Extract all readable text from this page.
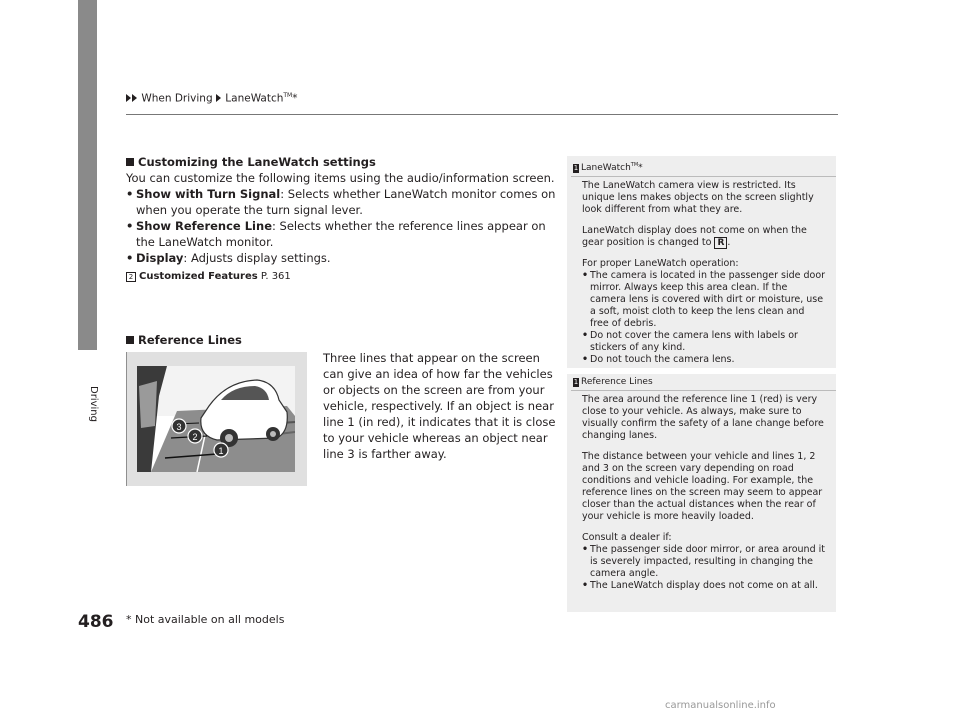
When Driving LaneWatch™*
Driving
Customizing the LaneWatch settings
You can customize the following items using the audio/information screen.
• Show with Turn Signal: Selects whether LaneWatch monitor comes on when you operate the turn signal lever.
• Show Reference Line: Selects whether the reference lines appear on the LaneWatch monitor.
• Display: Adjusts display settings.
2 Customized Features P. 361
Reference Lines
Three lines that appear on the screen can give an idea of how far the vehicles or objects on the screen are from your vehicle, respectively. If an object is near line 1 (in red), it indicates that it is close to your vehicle whereas an object near line 3 is farther away.
1
2
3
1 LaneWatch™*

The LaneWatch camera view is restricted. Its unique lens makes objects on the screen slightly look different from what they are.

LaneWatch display does not come on when the gear position is changed to R .

For proper LaneWatch operation:
• The camera is located in the passenger side door mirror. Always keep this area clean. If the camera lens is covered with dirt or moisture, use a soft, moist cloth to keep the lens clean and free of debris.
• Do not cover the camera lens with labels or stickers of any kind.
• Do not touch the camera lens.
1 Reference Lines

The area around the reference line 1 (red) is very close to your vehicle. As always, make sure to visually confirm the safety of a lane change before changing lanes.

The distance between your vehicle and lines 1, 2 and 3 on the screen vary depending on road conditions and vehicle loading. For example, the reference lines on the screen may seem to appear closer than the actual distances when the rear of your vehicle is more heavily loaded.

Consult a dealer if:
• The passenger side door mirror, or area around it is severely impacted, resulting in changing the camera angle.
• The LaneWatch display does not come on at all.
486 * Not available on all models
carmanualsonline.info
